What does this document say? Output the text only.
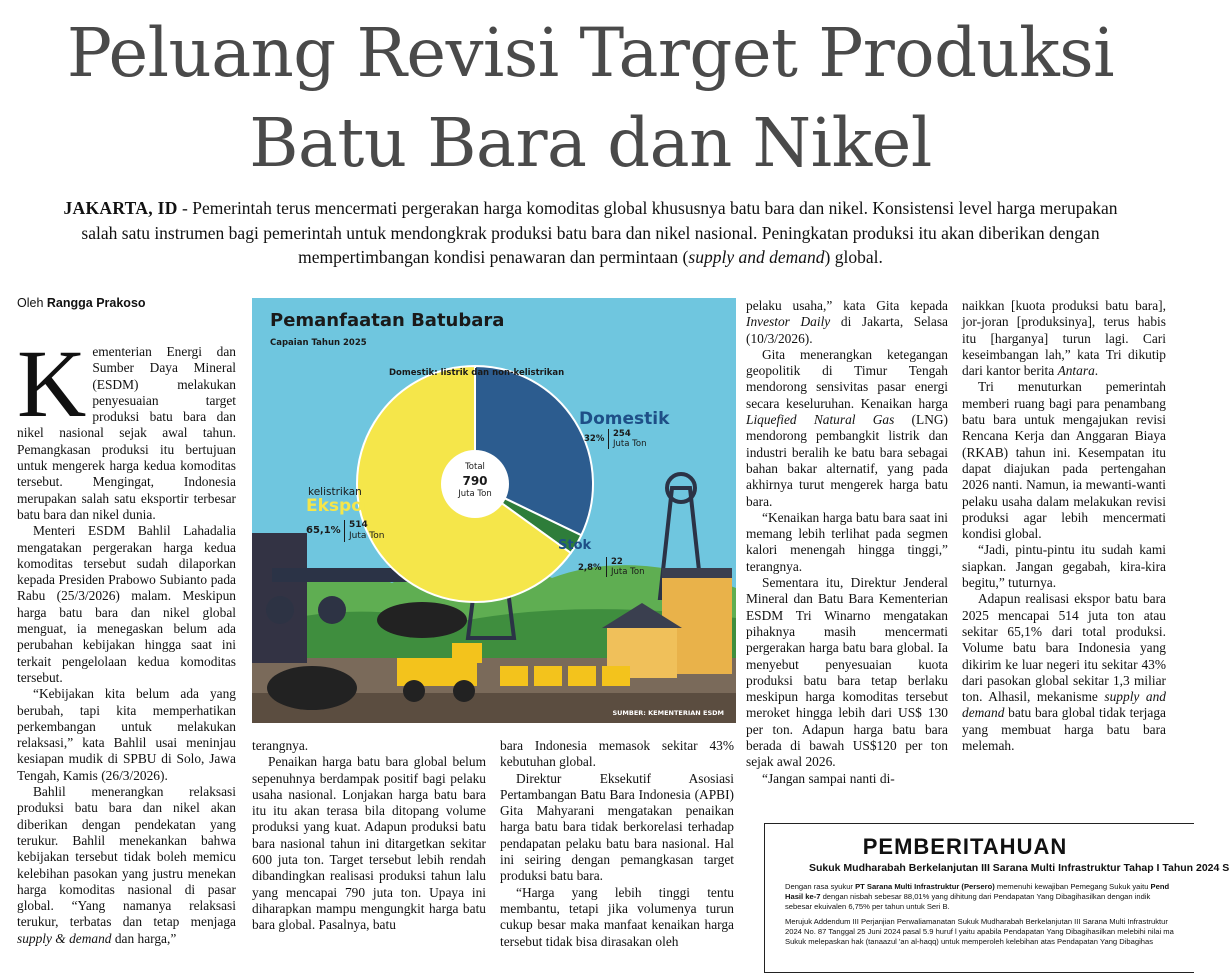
Peluang Revisi Target Produksi
Batu Bara dan Nikel
JAKARTA, ID - Pemerintah terus mencermati pergerakan harga komoditas global khususnya batu bara dan nikel. Konsistensi level harga merupakan
salah satu instrumen bagi pemerintah untuk mendongkrak produksi batu bara dan nikel nasional. Peningkatan produksi itu akan diberikan dengan
mempertimbangan kondisi penawaran dan permintaan (supply and demand) global.
Oleh Rangga Prakoso

Kementerian Energi dan Sumber Daya Mineral (ESDM) melakukan penyesuaian target produksi batu bara dan nikel nasional sejak awal tahun. Pemangkasan produksi itu bertujuan untuk mengerek harga kedua komoditas tersebut. Mengingat, Indonesia merupakan salah satu eksportir terbesar batu bara dan nikel dunia.

Menteri ESDM Bahlil Lahadalia mengatakan pergerakan harga kedua komoditas tersebut sudah dilaporkan kepada Presiden Prabowo Subianto pada Rabu (25/3/2026) malam. Meskipun harga batu bara dan nikel global menguat, ia menegaskan belum ada perubahan kebijakan hingga saat ini terkait pengelolaan kedua komoditas tersebut.

“Kebijakan kita belum ada yang berubah, tapi kita memperhatikan perkembangan untuk melakukan relaksasi,” kata Bahlil usai meninjau kesiapan mudik di SPBU di Solo, Jawa Tengah, Kamis (26/3/2026).

Bahlil menerangkan relaksasi produksi batu bara dan nikel akan diberikan dengan pendekatan yang terukur. Bahlil menekankan bahwa kebijakan tersebut tidak boleh memicu kelebihan pasokan yang justru menekan harga komoditas nasional di pasar global. “Yang namanya relaksasi terukur, terbatas dan tetap menjaga supply & demand dan harga,”

Pemanfaatan Batubara
Capaian Tahun 2025
Domestik: listrik dan non-kelistrikan
Total
790
Juta Ton
Domestik
32% 254
Juta Ton
kelistrikan
Ekspor
65,1% 514
Juta Ton
Stok
2,8%
22
Juta Ton
SUMBER: KEMENTERIAN ESDM

terangnya.

Penaikan harga batu bara global belum sepenuhnya berdampak positif bagi pelaku usaha nasional. Lonjakan harga batu bara itu itu akan terasa bila ditopang volume produksi yang kuat. Adapun produksi batu bara nasional tahun ini ditargetkan sekitar 600 juta ton. Target tersebut lebih rendah dibandingkan realisasi produksi tahun lalu yang mencapai 790 juta ton. Upaya ini diharapkan mampu mengungkit harga batu bara global. Pasalnya, batu

bara Indonesia memasok sekitar 43% kebutuhan global.

Direktur Eksekutif Asosiasi Pertambangan Batu Bara Indonesia (APBI) Gita Mahyarani mengatakan penaikan harga batu bara tidak berkorelasi terhadap pendapatan pelaku batu bara nasional. Hal ini seiring dengan pemangkasan target produksi batu bara.

“Harga yang lebih tinggi tentu membantu, tetapi jika volumenya turun cukup besar maka manfaat kenaikan harga tersebut tidak bisa dirasakan oleh

pelaku usaha,” kata Gita kepada Investor Daily di Jakarta, Selasa (10/3/2026).

Gita menerangkan ketegangan geopolitik di Timur Tengah mendorong sensivitas pasar energi secara keseluruhan. Kenaikan harga Liquefied Natural Gas (LNG) mendorong pembangkit listrik dan industri beralih ke batu bara sebagai bahan bakar alternatif, yang pada akhirnya turut mengerek harga batu bara.

“Kenaikan harga batu bara saat ini memang lebih terlihat pada segmen kalori menengah hingga tinggi,” terangnya.

Sementara itu, Direktur Jenderal Mineral dan Batu Bara Kementerian ESDM Tri Winarno mengatakan pihaknya masih mencermati pergerakan harga batu bara global. Ia menyebut penyesuaian kuota produksi batu bara tetap berlaku meskipun harga komoditas tersebut meroket hingga lebih dari US$ 130 per ton. Adapun harga batu bara berada di bawah US$120 per ton sejak awal 2026.

“Jangan sampai nanti di-

naikkan [kuota produksi batu bara], jor-joran [produksinya], terus habis itu [harganya] turun lagi. Cari keseimbangan lah,” kata Tri dikutip dari kantor berita Antara.

Tri menuturkan pemerintah memberi ruang bagi para penambang batu bara untuk mengajukan revisi Rencana Kerja dan Anggaran Biaya (RKAB) tahun ini. Kesempatan itu dapat diajukan pada pertengahan 2026 nanti. Namun, ia mewanti-wanti pelaku usaha dalam melakukan revisi produksi agar lebih mencermati kondisi global.

“Jadi, pintu-pintu itu sudah kami siapkan. Jangan gegabah, kira-kira begitu,” tuturnya.

Adapun realisasi ekspor batu bara 2025 mencapai 514 juta ton atau sekitar 65,1% dari total produksi. Volume batu bara Indonesia yang dikirim ke luar negeri itu sekitar 43% dari pasokan global sekitar 1,3 miliar ton. Alhasil, mekanisme supply and demand batu bara global tidak terjaga yang membuat harga batu bara melemah.

PEMBERITAHUAN
Sukuk Mudharabah Berkelanjutan III Sarana Multi Infrastruktur Tahap I Tahun 2024 S

Dengan rasa syukur PT Sarana Multi Infrastruktur (Persero) memenuhi kewajiban Pemegang Sukuk yaitu Pend
Hasil ke-7 dengan nisbah sebesar 88,01% yang dihitung dari Pendapatan Yang Dibagihasilkan dengan indik
sebesar ekuivalen 6,75% per tahun untuk Seri B.

Merujuk Addendum III Perjanjian Perwaliamanatan Sukuk Mudharabah Berkelanjutan III Sarana Multi Infrastruktur
2024 No. 87 Tanggal 25 Juni 2024 pasal 5.9 huruf l yaitu apabila Pendapatan Yang Dibagihasilkan melebihi nilai ma
Sukuk melepaskan hak (tanaazul 'an al-haqq) untuk memperoleh kelebihan atas Pendapatan Yang Dibagihas
